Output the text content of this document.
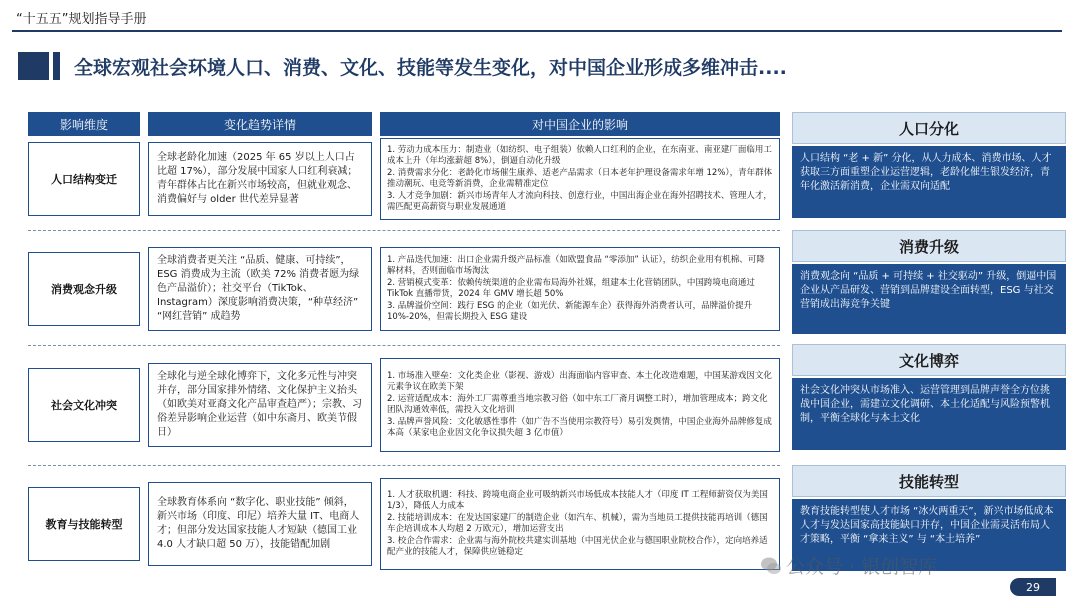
“十五五”规划指导手册
全球宏观社会环境人口、消费、文化、技能等发生变化，对中国企业形成多维冲击....
影响维度	变化趋势详情	对中国企业的影响
人口结构变迁
全球老龄化加速（2025 年 65 岁以上人口占比超 17%），部分发展中国家人口红利衰减；青年群体占比在新兴市场较高，但就业观念、消费偏好与 older 世代差异显著
1. 劳动力成本压力：制造业（如纺织、电子组装）依赖人口红利的企业，在东南亚、南亚建厂面临用工成本上升（年均涨薪超 8%），倒逼自动化升级
2. 消费需求分化：老龄化市场催生康养、适老产品需求（日本老年护理设备需求年增 12%），青年群体推动潮玩、电竞等新消费，企业需精准定位
3. 人才竞争加剧：新兴市场青年人才流向科技、创意行业，中国出海企业在海外招聘技术、管理人才，需匹配更高薪资与职业发展通道
消费观念升级
全球消费者更关注 “品质、健康、可持续”，ESG 消费成为主流（欧美 72% 消费者愿为绿色产品溢价）；社交平台（TikTok、Instagram）深度影响消费决策，“种草经济” “网红营销” 成趋势
1. 产品迭代加速：出口企业需升级产品标准（如欧盟食品 “零添加” 认证），纺织企业用有机棉、可降解材料，否则面临市场淘汰
2. 营销模式变革：依赖传统渠道的企业需布局海外社媒，组建本土化营销团队，中国跨境电商通过 TikTok 直播带货，2024 年 GMV 增长超 50%
3. 品牌溢价空间：践行 ESG 的企业（如光伏、新能源车企）获得海外消费者认可，品牌溢价提升 10%-20%，但需长期投入 ESG 建设
社会文化冲突
全球化与逆全球化博弈下，文化多元性与冲突并存，部分国家排外情绪、文化保护主义抬头（如欧美对亚裔文化产品审查趋严）；宗教、习俗差异影响企业运营（如中东斋月、欧美节假日）
1. 市场准入壁垒：文化类企业（影视、游戏）出海面临内容审查、本土化改造难题，中国某游戏因文化元素争议在欧美下架
2. 运营适配成本：海外工厂需尊重当地宗教习俗（如中东工厂斋月调整工时），增加管理成本；跨文化团队沟通效率低，需投入文化培训
3. 品牌声誉风险：文化敏感性事件（如广告不当使用宗教符号）易引发舆情，中国企业海外品牌修复成本高（某家电企业因文化争议损失超 3 亿市值）
教育与技能转型
全球教育体系向 “数字化、职业技能” 倾斜，新兴市场（印度、印尼）培养大量 IT、电商人才；但部分发达国家技能人才短缺（德国工业 4.0 人才缺口超 50 万），技能错配加剧
1. 人才获取机遇：科技、跨境电商企业可吸纳新兴市场低成本技能人才（印度 IT 工程师薪资仅为美国 1/3），降低人力成本
2. 技能培训成本：在发达国家建厂的制造企业（如汽车、机械），需为当地员工提供技能再培训（德国车企培训成本人均超 2 万欧元），增加运营支出
3. 校企合作需求：企业需与海外院校共建实训基地（中国光伏企业与德国职业院校合作），定向培养适配产业的技能人才，保障供应链稳定
人口分化
人口结构 “老 + 新” 分化，从人力成本、消费市场、人才获取三方面重塑企业运营逻辑，老龄化催生银发经济，青年化激活新消费，企业需双向适配
消费升级
消费观念向 “品质 + 可持续 + 社交驱动” 升级，倒逼中国企业从产品研发、营销到品牌建设全面转型，ESG 与社交营销成出海竞争关键
文化博弈
社会文化冲突从市场准入、运营管理到品牌声誉全方位挑战中国企业，需建立文化调研、本土化适配与风险预警机制，平衡全球化与本土文化
技能转型
教育技能转型使人才市场 “冰火两重天”，新兴市场低成本人才与发达国家高技能缺口并存，中国企业需灵活布局人才策略，平衡 “拿来主义” 与 “本土培养”
公众号 · 银创智库
29
